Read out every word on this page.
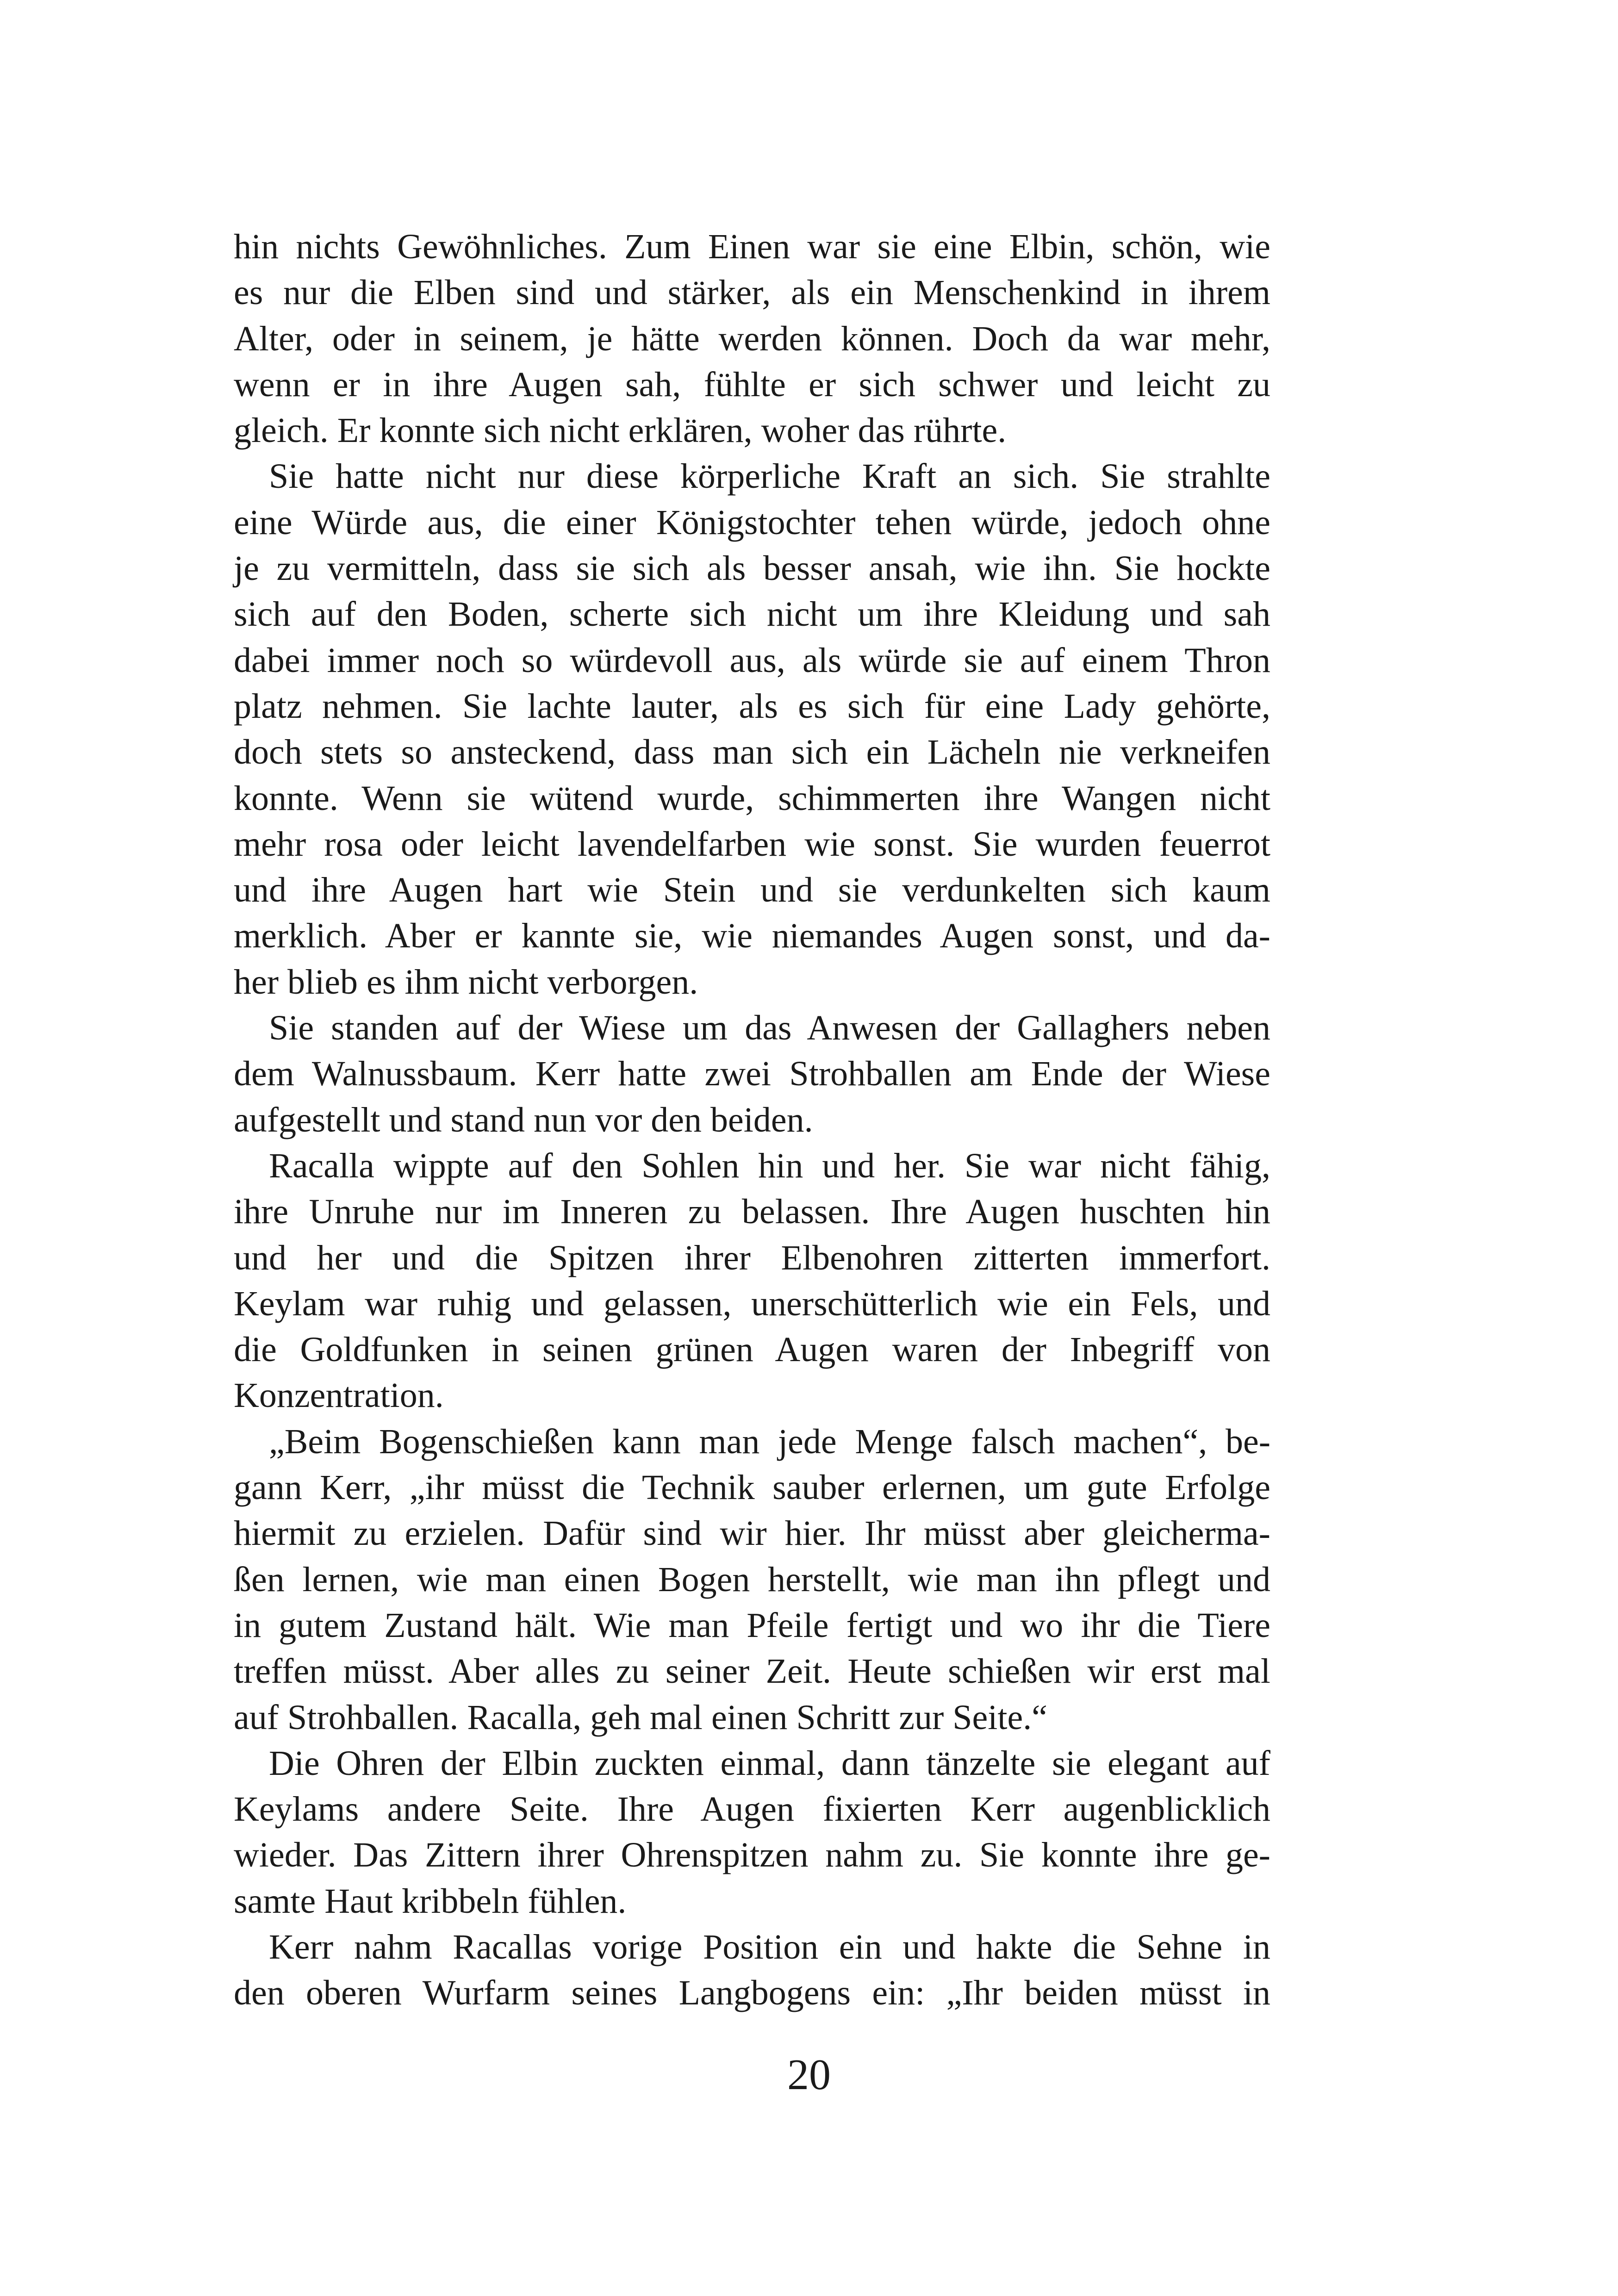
hin nichts Gewöhnliches. Zum Einen war sie eine Elbin, schön, wie
es nur die Elben sind und stärker, als ein Menschenkind in ihrem
Alter, oder in seinem, je hätte werden können. Doch da war mehr,
wenn er in ihre Augen sah, fühlte er sich schwer und leicht zu
gleich. Er konnte sich nicht erklären, woher das rührte.
Sie hatte nicht nur diese körperliche Kraft an sich. Sie strahlte
eine Würde aus, die einer Königstochter tehen würde, jedoch ohne
je zu vermitteln, dass sie sich als besser ansah, wie ihn. Sie hockte
sich auf den Boden, scherte sich nicht um ihre Kleidung und sah
dabei immer noch so würdevoll aus, als würde sie auf einem Thron
platz nehmen. Sie lachte lauter, als es sich für eine Lady gehörte,
doch stets so ansteckend, dass man sich ein Lächeln nie verkneifen
konnte. Wenn sie wütend wurde, schimmerten ihre Wangen nicht
mehr rosa oder leicht lavendelfarben wie sonst. Sie wurden feuerrot
und ihre Augen hart wie Stein und sie verdunkelten sich kaum
merklich. Aber er kannte sie, wie niemandes Augen sonst, und da-
her blieb es ihm nicht verborgen.
Sie standen auf der Wiese um das Anwesen der Gallaghers neben
dem Walnussbaum. Kerr hatte zwei Strohballen am Ende der Wiese
aufgestellt und stand nun vor den beiden.
Racalla wippte auf den Sohlen hin und her. Sie war nicht fähig,
ihre Unruhe nur im Inneren zu belassen. Ihre Augen huschten hin
und her und die Spitzen ihrer Elbenohren zitterten immerfort.
Keylam war ruhig und gelassen, unerschütterlich wie ein Fels, und
die Goldfunken in seinen grünen Augen waren der Inbegriff von
Konzentration.
„Beim Bogenschießen kann man jede Menge falsch machen“, be-
gann Kerr, „ihr müsst die Technik sauber erlernen, um gute Erfolge
hiermit zu erzielen. Dafür sind wir hier. Ihr müsst aber gleicherma-
ßen lernen, wie man einen Bogen herstellt, wie man ihn pflegt und
in gutem Zustand hält. Wie man Pfeile fertigt und wo ihr die Tiere
treffen müsst. Aber alles zu seiner Zeit. Heute schießen wir erst mal
auf Strohballen. Racalla, geh mal einen Schritt zur Seite.“
Die Ohren der Elbin zuckten einmal, dann tänzelte sie elegant auf
Keylams andere Seite. Ihre Augen fixierten Kerr augenblicklich
wieder. Das Zittern ihrer Ohrenspitzen nahm zu. Sie konnte ihre ge-
samte Haut kribbeln fühlen.
Kerr nahm Racallas vorige Position ein und hakte die Sehne in
den oberen Wurfarm seines Langbogens ein: „Ihr beiden müsst in
20
